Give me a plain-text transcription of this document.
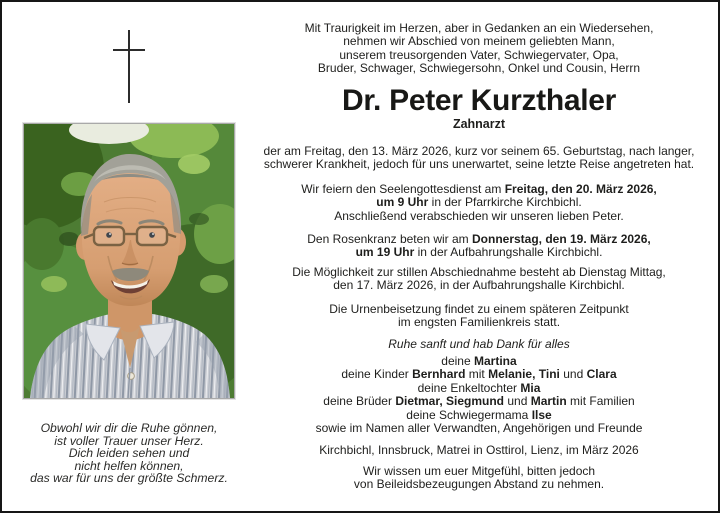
Obwohl wir dir die Ruhe gönnen,
ist voller Trauer unser Herz.
Dich leiden sehen und
nicht helfen können,
das war für uns der größte Schmerz.
Mit Traurigkeit im Herzen, aber in Gedanken an ein Wiedersehen,
nehmen wir Abschied von meinem geliebten Mann,
unserem treusorgenden Vater, Schwiegervater, Opa,
Bruder, Schwager, Schwiegersohn, Onkel und Cousin, Herrn
Dr. Peter Kurzthaler
Zahnarzt
der am Freitag, den 13. März 2026, kurz vor seinem 65. Geburtstag, nach langer,
schwerer Krankheit, jedoch für uns unerwartet, seine letzte Reise angetreten hat.
Wir feiern den Seelengottesdienst am Freitag, den 20. März 2026,
um 9 Uhr in der Pfarrkirche Kirchbichl.
Anschließend verabschieden wir unseren lieben Peter.
Den Rosenkranz beten wir am Donnerstag, den 19. März 2026,
um 19 Uhr in der Aufbahrungshalle Kirchbichl.
Die Möglichkeit zur stillen Abschiednahme besteht ab Dienstag Mittag,
den 17. März 2026, in der Aufbahrungshalle Kirchbichl.
Die Urnenbeisetzung findet zu einem späteren Zeitpunkt
im engsten Familienkreis statt.
Ruhe sanft und hab Dank für alles
deine Martina
deine Kinder Bernhard mit Melanie, Tini und Clara
deine Enkeltochter Mia
deine Brüder Dietmar, Siegmund und Martin mit Familien
deine Schwiegermama Ilse
sowie im Namen aller Verwandten, Angehörigen und Freunde
Kirchbichl, Innsbruck, Matrei in Osttirol, Lienz, im März 2026
Wir wissen um euer Mitgefühl, bitten jedoch
von Beileidsbezeugungen Abstand zu nehmen.
